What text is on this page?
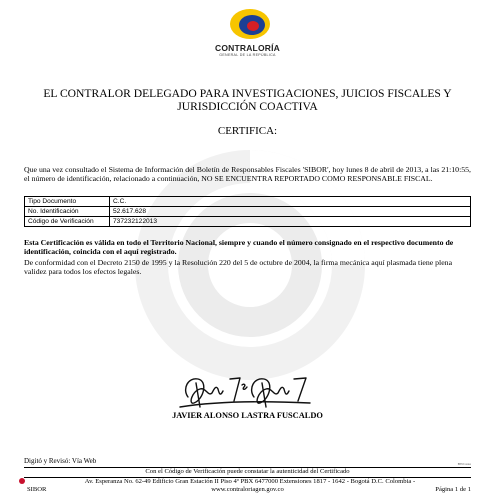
CONTRALORÍA
GENERAL DE LA REPÚBLICA
EL CONTRALOR DELEGADO PARA INVESTIGACIONES, JUICIOS FISCALES Y JURISDICCIÓN COACTIVA
CERTIFICA:
Que una vez consultado el Sistema de Información del Boletín de Responsables Fiscales 'SIBOR', hoy lunes 8 de abril de 2013, a las 21:10:55, el número de identificación, relacionado a continuación, NO SE ENCUENTRA REPORTADO COMO RESPONSABLE FISCAL.
Tipo Documento	C.C.
No. Identificación	52.617.628
Código de Verificación	737232122013
Esta Certificación es válida en todo el Territorio Nacional, siempre y cuando el número consignado en el respectivo documento de identificación, coincida con el aquí registrado.
De conformidad con el Decreto 2150 de 1995 y la Resolución 220 del 5 de octubre de 2004, la firma mecánica aquí plasmada tiene plena validez para todos los efectos legales.
JAVIER ALONSO LASTRA FUSCALDO
Digitó y Revisó: Vía Web	BWCaste
Con el Código de Verificación puede constatar la autenticidad del Certificado
Av. Esperanza No. 62-49 Edificio Gran Estación II Piso 4º PBX 6477000 Extensiones 1817 - 1642 - Bogotá D.C. Colombia -
SIBOR	www.contraloriagen.gov.co	Página 1 de 1
